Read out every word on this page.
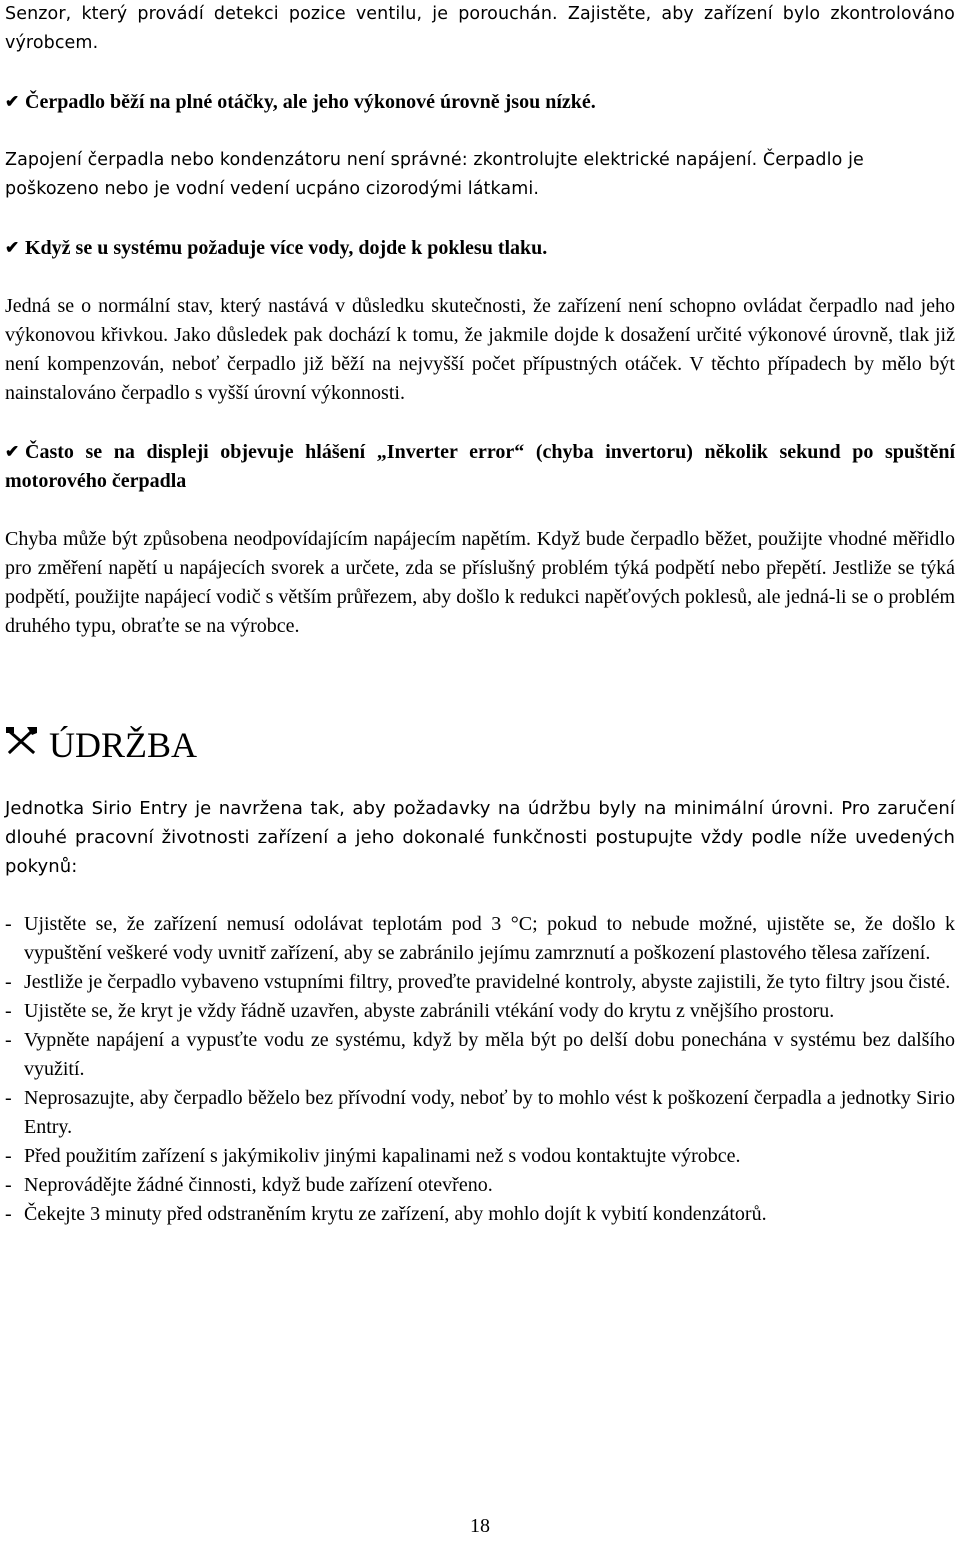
Senzor, který provádí detekci pozice ventilu, je porouchán. Zajistěte, aby zařízení bylo zkontrolováno výrobcem.

✔ Čerpadlo běží na plné otáčky, ale jeho výkonové úrovně jsou nízké.

Zapojení čerpadla nebo kondenzátoru není správné: zkontrolujte elektrické napájení. Čerpadlo je poškozeno nebo je vodní vedení ucpáno cizorodými látkami.

✔ Když se u systému požaduje více vody, dojde k poklesu tlaku.

Jedná se o normální stav, který nastává v důsledku skutečnosti, že zařízení není schopno ovládat čerpadlo nad jeho výkonovou křivkou. Jako důsledek pak dochází k tomu, že jakmile dojde k dosažení určité výkonové úrovně, tlak již není kompenzován, neboť čerpadlo již běží na nejvyšší počet přípustných otáček. V těchto případech by mělo být nainstalováno čerpadlo s vyšší úrovní výkonnosti.

✔ Často se na displeji objevuje hlášení „Inverter error“ (chyba invertoru) několik sekund po spuštění motorového čerpadla

Chyba může být způsobena neodpovídajícím napájecím napětím. Když bude čerpadlo běžet, použijte vhodné měřidlo pro změření napětí u napájecích svorek a určete, zda se příslušný problém týká podpětí nebo přepětí. Jestliže se týká podpětí, použijte napájecí vodič s větším průřezem, aby došlo k redukci napěťových poklesů, ale jedná-li se o problém druhého typu, obraťte se na výrobce.

ÚDRŽBA

Jednotka Sirio Entry je navržena tak, aby požadavky na údržbu byly na minimální úrovni. Pro zaručení dlouhé pracovní životnosti zařízení a jeho dokonalé funkčnosti postupujte vždy podle níže uvedených pokynů:

- Ujistěte se, že zařízení nemusí odolávat teplotám pod 3 °C; pokud to nebude možné, ujistěte se, že došlo k vypuštění veškeré vody uvnitř zařízení, aby se zabránilo jejímu zamrznutí a poškození plastového tělesa zařízení.
- Jestliže je čerpadlo vybaveno vstupními filtry, proveďte pravidelné kontroly, abyste zajistili, že tyto filtry jsou čisté.
- Ujistěte se, že kryt je vždy řádně uzavřen, abyste zabránili vtékání vody do krytu z vnějšího prostoru.
- Vypněte napájení a vypusťte vodu ze systému, když by měla být po delší dobu ponechána v systému bez dalšího využití.
- Neprosazujte, aby čerpadlo běželo bez přívodní vody, neboť by to mohlo vést k poškození čerpadla a jednotky Sirio Entry.
- Před použitím zařízení s jakýmikoliv jinými kapalinami než s vodou kontaktujte výrobce.
- Neprovádějte žádné činnosti, když bude zařízení otevřeno.
- Čekejte 3 minuty před odstraněním krytu ze zařízení, aby mohlo dojít k vybití kondenzátorů.
18
